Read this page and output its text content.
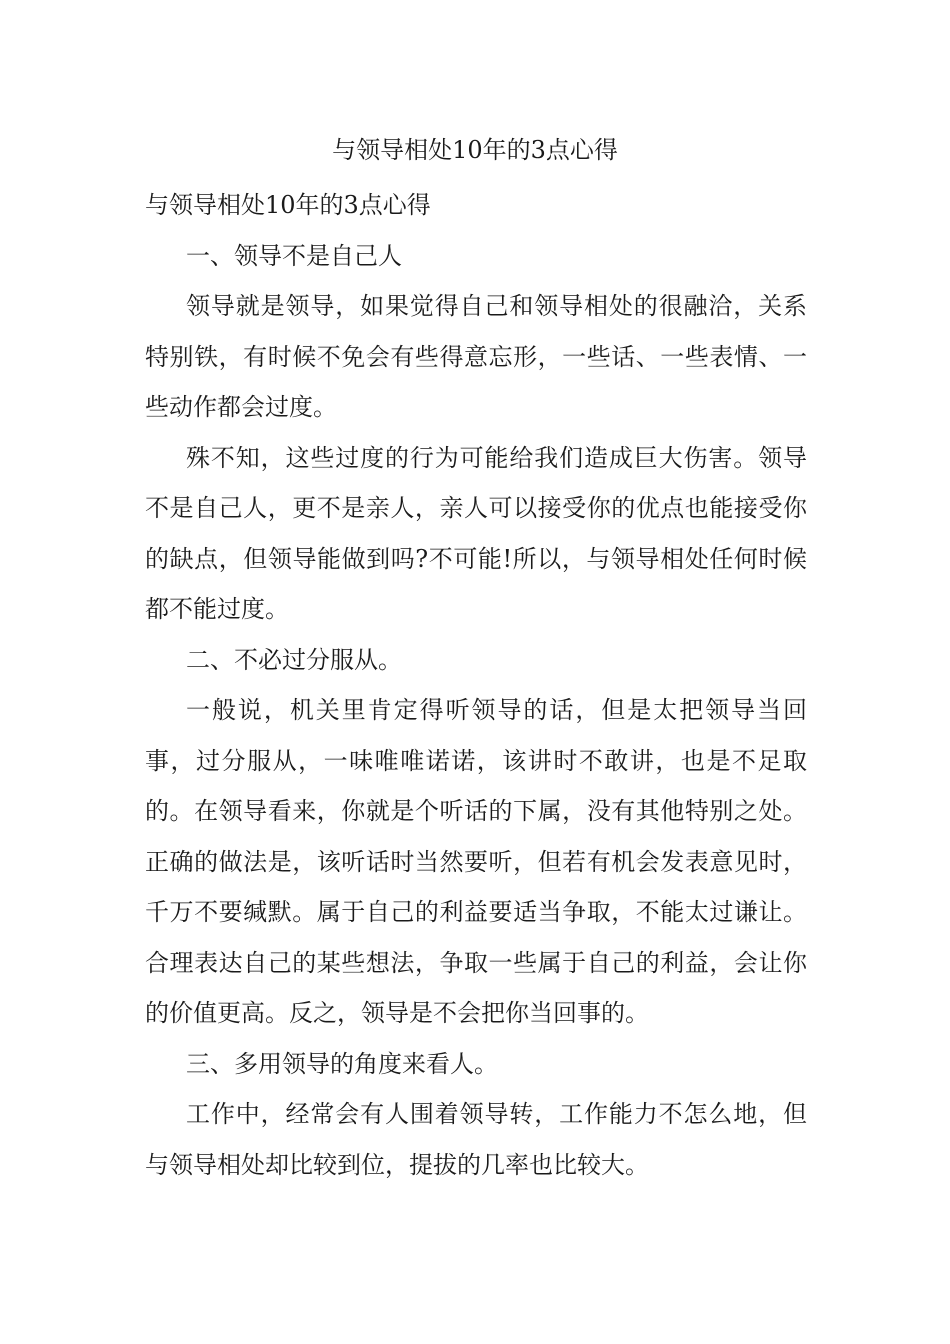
与领导相处10年的3点心得

与领导相处10年的3点心得

一、领导不是自己人

领导就是领导，如果觉得自己和领导相处的很融洽，关系特别铁，有时候不免会有些得意忘形，一些话、一些表情、一些动作都会过度。

殊不知，这些过度的行为可能给我们造成巨大伤害。领导不是自己人，更不是亲人，亲人可以接受你的优点也能接受你的缺点，但领导能做到吗?不可能!所以，与领导相处任何时候都不能过度。

二、不必过分服从。

一般说，机关里肯定得听领导的话，但是太把领导当回事，过分服从，一味唯唯诺诺，该讲时不敢讲，也是不足取的。在领导看来，你就是个听话的下属，没有其他特别之处。正确的做法是，该听话时当然要听，但若有机会发表意见时，千万不要缄默。属于自己的利益要适当争取，不能太过谦让。合理表达自己的某些想法，争取一些属于自己的利益，会让你的价值更高。反之，领导是不会把你当回事的。

三、多用领导的角度来看人。

工作中，经常会有人围着领导转，工作能力不怎么地，但与领导相处却比较到位，提拔的几率也比较大。
